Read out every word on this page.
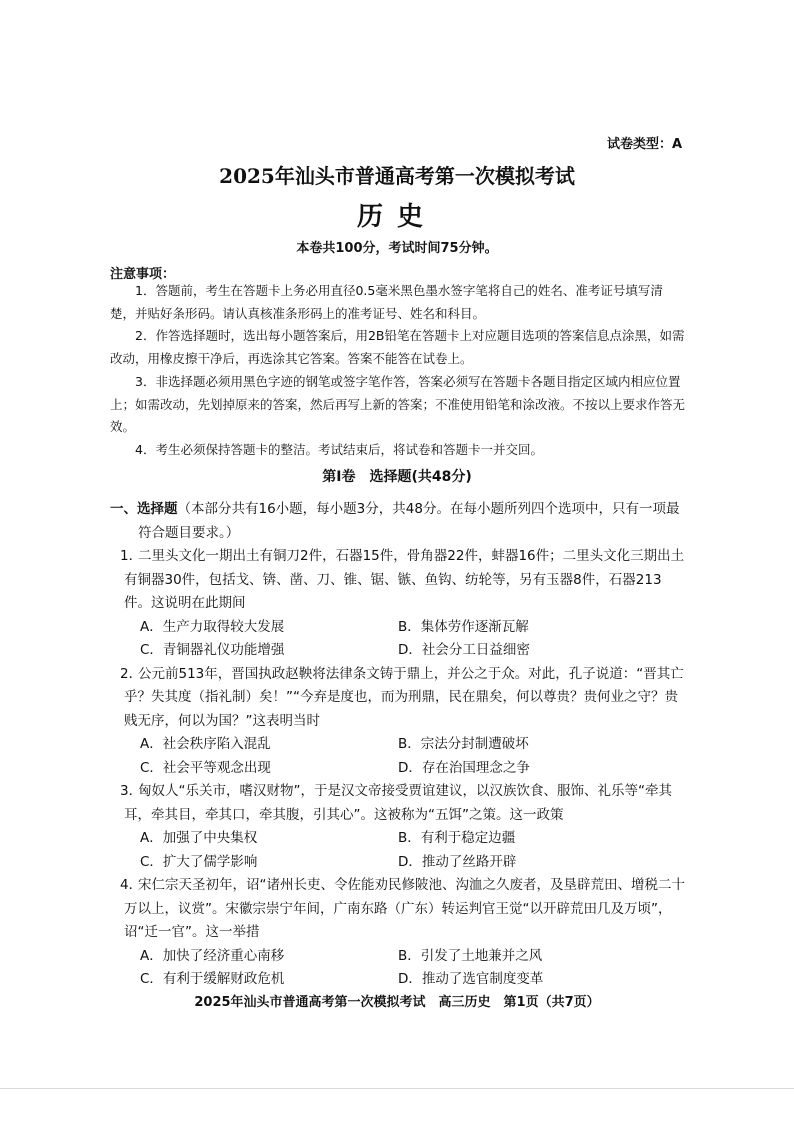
试卷类型：A
2025年汕头市普通高考第一次模拟考试
历史
本卷共100分，考试时间75分钟。
注意事项：

1．答题前，考生在答题卡上务必用直径0.5毫米黑色墨水签字笔将自己的姓名、准考证号填写清楚，并贴好条形码。请认真核准条形码上的准考证号、姓名和科目。

2．作答选择题时，选出每小题答案后，用2B铅笔在答题卡上对应题目选项的答案信息点涂黑，如需改动，用橡皮擦干净后，再选涂其它答案。答案不能答在试卷上。

3．非选择题必须用黑色字迹的钢笔或签字笔作答，答案必须写在答题卡各题目指定区域内相应位置上；如需改动，先划掉原来的答案，然后再写上新的答案；不准使用铅笔和涂改液。不按以上要求作答无效。

4．考生必须保持答题卡的整洁。考试结束后，将试卷和答题卡一并交回。

第Ⅰ卷　选择题(共48分)
一、选择题（本部分共有16小题，每小题3分，共48分。在每小题所列四个选项中，只有一项最符合题目要求。）
1．二里头文化一期出土有铜刀2件，石器15件，骨角器22件，蚌器16件；二里头文化三期出土有铜器30件，包括戈、锛、凿、刀、锥、锯、镞、鱼钩、纺轮等，另有玉器8件，石器213件。这说明在此期间
A．生产力取得较大发展	B．集体劳作逐渐瓦解
C．青铜器礼仪功能增强	D．社会分工日益细密
2．公元前513年，晋国执政赵鞅将法律条文铸于鼎上，并公之于众。对此，孔子说道：“晋其亡乎？失其度（指礼制）矣！”“今弃是度也，而为刑鼎，民在鼎矣，何以尊贵？贵何业之守？贵贱无序，何以为国？”这表明当时
A．社会秩序陷入混乱	B．宗法分封制遭破坏
C．社会平等观念出现	D．存在治国理念之争
3．匈奴人“乐关市，嗜汉财物”，于是汉文帝接受贾谊建议，以汉族饮食、服饰、礼乐等“牵其耳，牵其目，牵其口，牵其腹，引其心”。这被称为“五饵”之策。这一政策
A．加强了中央集权	B．有利于稳定边疆
C．扩大了儒学影响	D．推动了丝路开辟
4．宋仁宗天圣初年，诏“诸州长吏、令佐能劝民修陂池、沟洫之久废者，及垦辟荒田、增税二十万以上，议赏”。宋徽宗崇宁年间，广南东路（广东）转运判官王觉“以开辟荒田几及万顷”，诏“迁一官”。这一举措
A．加快了经济重心南移	B．引发了土地兼并之风
C．有利于缓解财政危机	D．推动了选官制度变革
2025年汕头市普通高考第一次模拟考试　高三历史　第1页（共7页）
